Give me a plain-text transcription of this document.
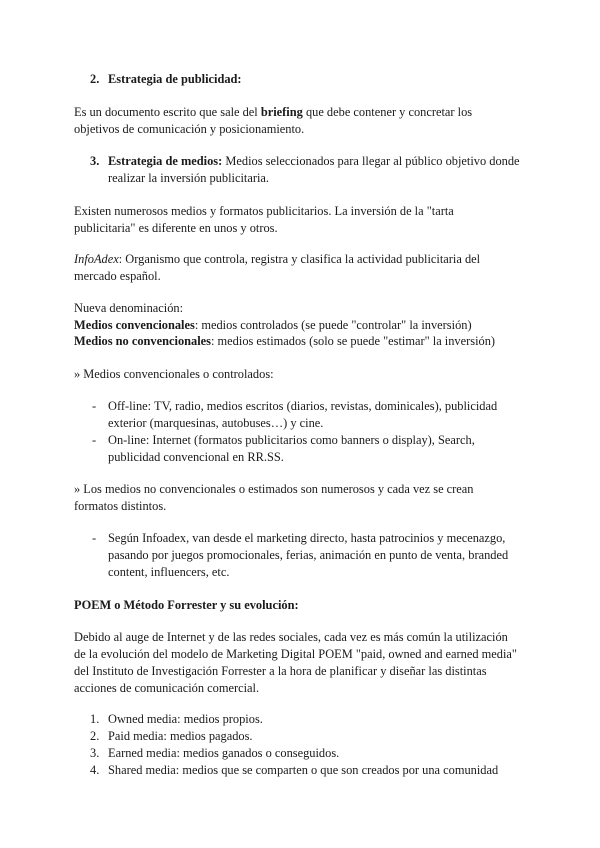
2. Estrategia de publicidad:
Es un documento escrito que sale del briefing que debe contener y concretar los
objetivos de comunicación y posicionamiento.
3. Estrategia de medios: Medios seleccionados para llegar al público objetivo donde
realizar la inversión publicitaria.
Existen numerosos medios y formatos publicitarios. La inversión de la "tarta
publicitaria" es diferente en unos y otros.
InfoAdex: Organismo que controla, registra y clasifica la actividad publicitaria del
mercado español.
Nueva denominación:
Medios convencionales: medios controlados (se puede "controlar" la inversión)
Medios no convencionales: medios estimados (solo se puede "estimar" la inversión)
» Medios convencionales o controlados:
- Off-line: TV, radio, medios escritos (diarios, revistas, dominicales), publicidad
exterior (marquesinas, autobuses…) y cine.
- On-line: Internet (formatos publicitarios como banners o display), Search,
publicidad convencional en RR.SS.
» Los medios no convencionales o estimados son numerosos y cada vez se crean
formatos distintos.
- Según Infoadex, van desde el marketing directo, hasta patrocinios y mecenazgo,
pasando por juegos promocionales, ferias, animación en punto de venta, branded
content, influencers, etc.
POEM o Método Forrester y su evolución:
Debido al auge de Internet y de las redes sociales, cada vez es más común la utilización
de la evolución del modelo de Marketing Digital POEM "paid, owned and earned media"
del Instituto de Investigación Forrester a la hora de planificar y diseñar las distintas
acciones de comunicación comercial.
1. Owned media: medios propios.
2. Paid media: medios pagados.
3. Earned media: medios ganados o conseguidos.
4. Shared media: medios que se comparten o que son creados por una comunidad
